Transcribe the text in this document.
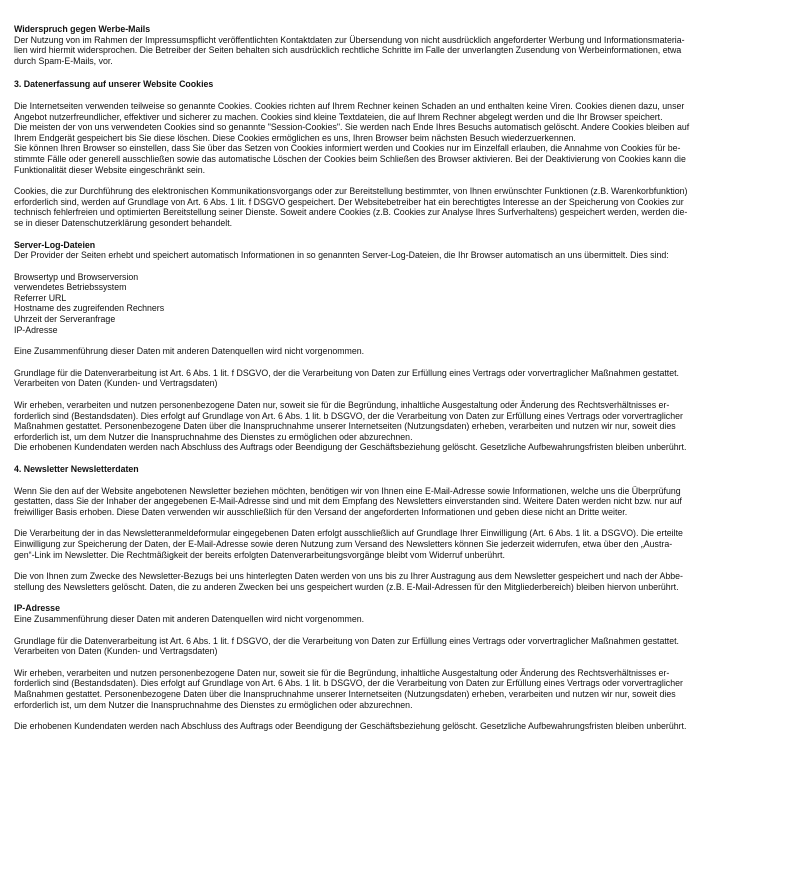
Widerspruch gegen Werbe-Mails

Der Nutzung von im Rahmen der Impressumspflicht veröffentlichten Kontaktdaten zur Übersendung von nicht ausdrücklich angeforderter Werbung und Informationsmateria-
lien wird hiermit widersprochen. Die Betreiber der Seiten behalten sich ausdrücklich rechtliche Schritte im Falle der unverlangten Zusendung von Werbeinformationen, etwa
durch Spam-E-Mails, vor.

3. Datenerfassung auf unserer Website Cookies

Die Internetseiten verwenden teilweise so genannte Cookies. Cookies richten auf Ihrem Rechner keinen Schaden an und enthalten keine Viren. Cookies dienen dazu, unser
Angebot nutzerfreundlicher, effektiver und sicherer zu machen. Cookies sind kleine Textdateien, die auf Ihrem Rechner abgelegt werden und die Ihr Browser speichert.
Die meisten der von uns verwendeten Cookies sind so genannte "Session-Cookies". Sie werden nach Ende Ihres Besuchs automatisch gelöscht. Andere Cookies bleiben auf
Ihrem Endgerät gespeichert bis Sie diese löschen. Diese Cookies ermöglichen es uns, Ihren Browser beim nächsten Besuch wiederzuerkennen.
Sie können Ihren Browser so einstellen, dass Sie über das Setzen von Cookies informiert werden und Cookies nur im Einzelfall erlauben, die Annahme von Cookies für be-
stimmte Fälle oder generell ausschließen sowie das automatische Löschen der Cookies beim Schließen des Browser aktivieren. Bei der Deaktivierung von Cookies kann die
Funktionalität dieser Website eingeschränkt sein.

Cookies, die zur Durchführung des elektronischen Kommunikationsvorgangs oder zur Bereitstellung bestimmter, von Ihnen erwünschter Funktionen (z.B. Warenkorbfunktion)
erforderlich sind, werden auf Grundlage von Art. 6 Abs. 1 lit. f DSGVO gespeichert. Der Websitebetreiber hat ein berechtigtes Interesse an der Speicherung von Cookies zur
technisch fehlerfreien und optimierten Bereitstellung seiner Dienste. Soweit andere Cookies (z.B. Cookies zur Analyse Ihres Surfverhaltens) gespeichert werden, werden die-
se in dieser Datenschutzerklärung gesondert behandelt.

Server-Log-Dateien

Der Provider der Seiten erhebt und speichert automatisch Informationen in so genannten Server-Log-Dateien, die Ihr Browser automatisch an uns übermittelt. Dies sind:

Browsertyp und Browserversion
verwendetes Betriebssystem
Referrer URL
Hostname des zugreifenden Rechners
Uhrzeit der Serveranfrage
IP-Adresse

Eine Zusammenführung dieser Daten mit anderen Datenquellen wird nicht vorgenommen.

Grundlage für die Datenverarbeitung ist Art. 6 Abs. 1 lit. f DSGVO, der die Verarbeitung von Daten zur Erfüllung eines Vertrags oder vorvertraglicher Maßnahmen gestattet.
Verarbeiten von Daten (Kunden- und Vertragsdaten)

Wir erheben, verarbeiten und nutzen personenbezogene Daten nur, soweit sie für die Begründung, inhaltliche Ausgestaltung oder Änderung des Rechtsverhältnisses er-
forderlich sind (Bestandsdaten). Dies erfolgt auf Grundlage von Art. 6 Abs. 1 lit. b DSGVO, der die Verarbeitung von Daten zur Erfüllung eines Vertrags oder vorvertraglicher
Maßnahmen gestattet. Personenbezogene Daten über die Inanspruchnahme unserer Internetseiten (Nutzungsdaten) erheben, verarbeiten und nutzen wir nur, soweit dies
erforderlich ist, um dem Nutzer die Inanspruchnahme des Dienstes zu ermöglichen oder abzurechnen.
Die erhobenen Kundendaten werden nach Abschluss des Auftrags oder Beendigung der Geschäftsbeziehung gelöscht. Gesetzliche Aufbewahrungsfristen bleiben unberührt.

4. Newsletter Newsletterdaten

Wenn Sie den auf der Website angebotenen Newsletter beziehen möchten, benötigen wir von Ihnen eine E-Mail-Adresse sowie Informationen, welche uns die Überprüfung
gestatten, dass Sie der Inhaber der angegebenen E-Mail-Adresse sind und mit dem Empfang des Newsletters einverstanden sind. Weitere Daten werden nicht bzw. nur auf
freiwilliger Basis erhoben. Diese Daten verwenden wir ausschließlich für den Versand der angeforderten Informationen und geben diese nicht an Dritte weiter.

Die Verarbeitung der in das Newsletteranmeldeformular eingegebenen Daten erfolgt ausschließlich auf Grundlage Ihrer Einwilligung (Art. 6 Abs. 1 lit. a DSGVO). Die erteilte
Einwilligung zur Speicherung der Daten, der E-Mail-Adresse sowie deren Nutzung zum Versand des Newsletters können Sie jederzeit widerrufen, etwa über den „Austra-
gen“-Link im Newsletter. Die Rechtmäßigkeit der bereits erfolgten Datenverarbeitungsvorgänge bleibt vom Widerruf unberührt.

Die von Ihnen zum Zwecke des Newsletter-Bezugs bei uns hinterlegten Daten werden von uns bis zu Ihrer Austragung aus dem Newsletter gespeichert und nach der Abbe-
stellung des Newsletters gelöscht. Daten, die zu anderen Zwecken bei uns gespeichert wurden (z.B. E-Mail-Adressen für den Mitgliederbereich) bleiben hiervon unberührt.

IP-Adresse

Eine Zusammenführung dieser Daten mit anderen Datenquellen wird nicht vorgenommen.

Grundlage für die Datenverarbeitung ist Art. 6 Abs. 1 lit. f DSGVO, der die Verarbeitung von Daten zur Erfüllung eines Vertrags oder vorvertraglicher Maßnahmen gestattet.
Verarbeiten von Daten (Kunden- und Vertragsdaten)

Wir erheben, verarbeiten und nutzen personenbezogene Daten nur, soweit sie für die Begründung, inhaltliche Ausgestaltung oder Änderung des Rechtsverhältnisses er-
forderlich sind (Bestandsdaten). Dies erfolgt auf Grundlage von Art. 6 Abs. 1 lit. b DSGVO, der die Verarbeitung von Daten zur Erfüllung eines Vertrags oder vorvertraglicher
Maßnahmen gestattet. Personenbezogene Daten über die Inanspruchnahme unserer Internetseiten (Nutzungsdaten) erheben, verarbeiten und nutzen wir nur, soweit dies
erforderlich ist, um dem Nutzer die Inanspruchnahme des Dienstes zu ermöglichen oder abzurechnen.

Die erhobenen Kundendaten werden nach Abschluss des Auftrags oder Beendigung der Geschäftsbeziehung gelöscht. Gesetzliche Aufbewahrungsfristen bleiben unberührt.
